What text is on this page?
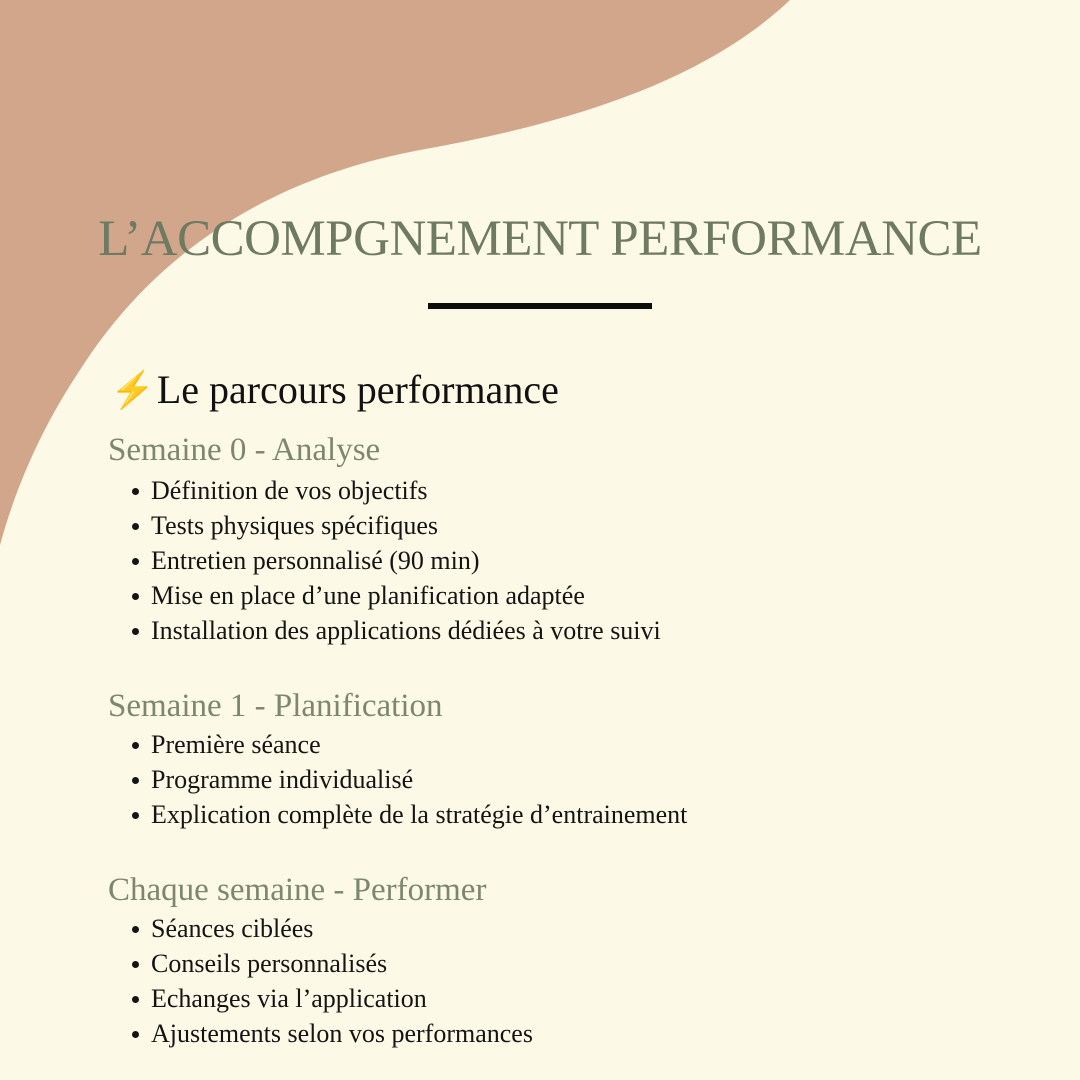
L’ACCOMPGNEMENT PERFORMANCE
⚡Le parcours performance
Semaine 0 - Analyse
Définition de vos objectifs
Tests physiques spécifiques
Entretien personnalisé (90 min)
Mise en place d’une planification adaptée
Installation des applications dédiées à votre suivi
Semaine 1 - Planification
Première séance
Programme individualisé
Explication complète de la stratégie d’entrainement
Chaque semaine - Performer
Séances ciblées
Conseils personnalisés
Echanges via l’application
Ajustements selon vos performances
